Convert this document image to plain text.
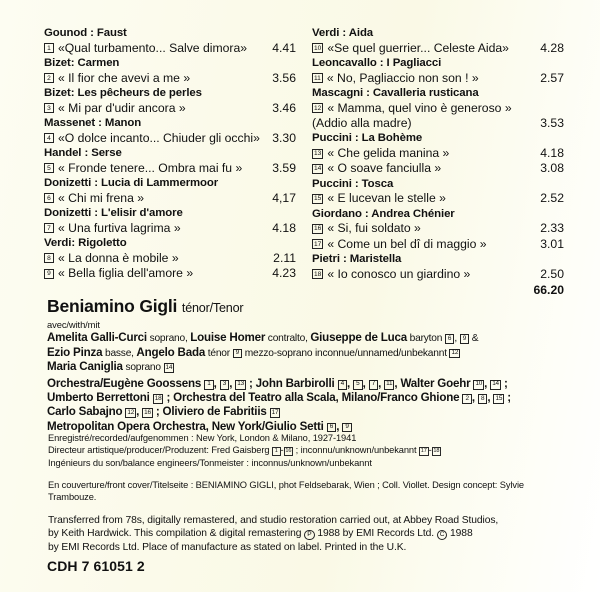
Gounod : Faust
1 «Qual turbamento... Salve dimora»	4.41
Bizet: Carmen
2 « Il fior che avevi a me »	3.56
Bizet: Les pêcheurs de perles
3 « Mi par d'udir ancora »	3.46
Massenet : Manon
4 «O dolce incanto... Chiuder gli occhi»	3.30
Handel : Serse
5 « Fronde tenere... Ombra mai fu »	3.59
Donizetti : Lucia di Lammermoor
6 « Chi mi frena »	4,17
Donizetti : L'elisir d'amore
7 « Una furtiva lagrima »	4.18
Verdi: Rigoletto
8 « La donna è mobile »	2.11
9 « Bella figlia dell'amore »	4.23
Verdi : Aida
10 «Se quel guerrier... Celeste Aida»	4.28
Leoncavallo : I Pagliacci
11 « No, Pagliaccio non son ! »	2.57
Mascagni : Cavalleria rusticana
12 « Mamma, quel vino è generoso »
(Addio alla madre)	3.53
Puccini : La Bohème
13 « Che gelida manina »	4.18
14 « O soave fanciulla »	3.08
Puccini : Tosca
15 « E lucevan le stelle »	2.52
Giordano : Andrea Chénier
16 « Si, fui soldato »	2.33
17 « Come un bel dî di maggio »	3.01
Pietri : Maristella
18 « Io conosco un giardino »	2.50
66.20
Beniamino Gigli ténor/Tenor
avec/with/mit
Amelita Galli-Curci soprano, Louise Homer contralto, Giuseppe de Luca baryton 6 , 9 &
Ezio Pinza basse, Angelo Bada ténor 9 mezzo-soprano inconnue/unnamed/unbekannt 12
Maria Caniglia soprano 14
Orchestra/Eugène Goossens 1 , 3 , 13 ; John Barbirolli 4 , 5 , 7 , 11 , Walter Goehr 10 , 14 ;
Umberto Berrettoni 18 ; Orchestra del Teatro alla Scala, Milano/Franco Ghione 2 , 8 , 15 ;
Carlo Sabajno 12 , 16 ; Oliviero de Fabritiis 17
Metropolitan Opera Orchestra, New York/Giulio Setti 6 , 9

Enregistré/recorded/aufgenommen : New York, London & Milano, 1927-1941

Directeur artistique/producer/Produzent: Fred Gaisberg 1 - 16 ; inconnu/unknown/unbekannt 17 - 18

Ingénieurs du son/balance engineers/Tonmeister : inconnus/unknown/unbekannt

En couverture/front cover/Titelseite : BENIAMINO GIGLI, phot Feldsebarak, Wien ; Coll. Viollet. Design concept: Sylvie

Trambouze.

Transferred from 78s, digitally remastered, and studio restoration carried out, at Abbey Road Studios,

by Keith Hardwick. This compilation & digital remastering P 1988 by EMI Records Ltd. C 1988

by EMI Records Ltd. Place of manufacture as stated on label. Printed in the U.K.

CDH 7 61051 2
